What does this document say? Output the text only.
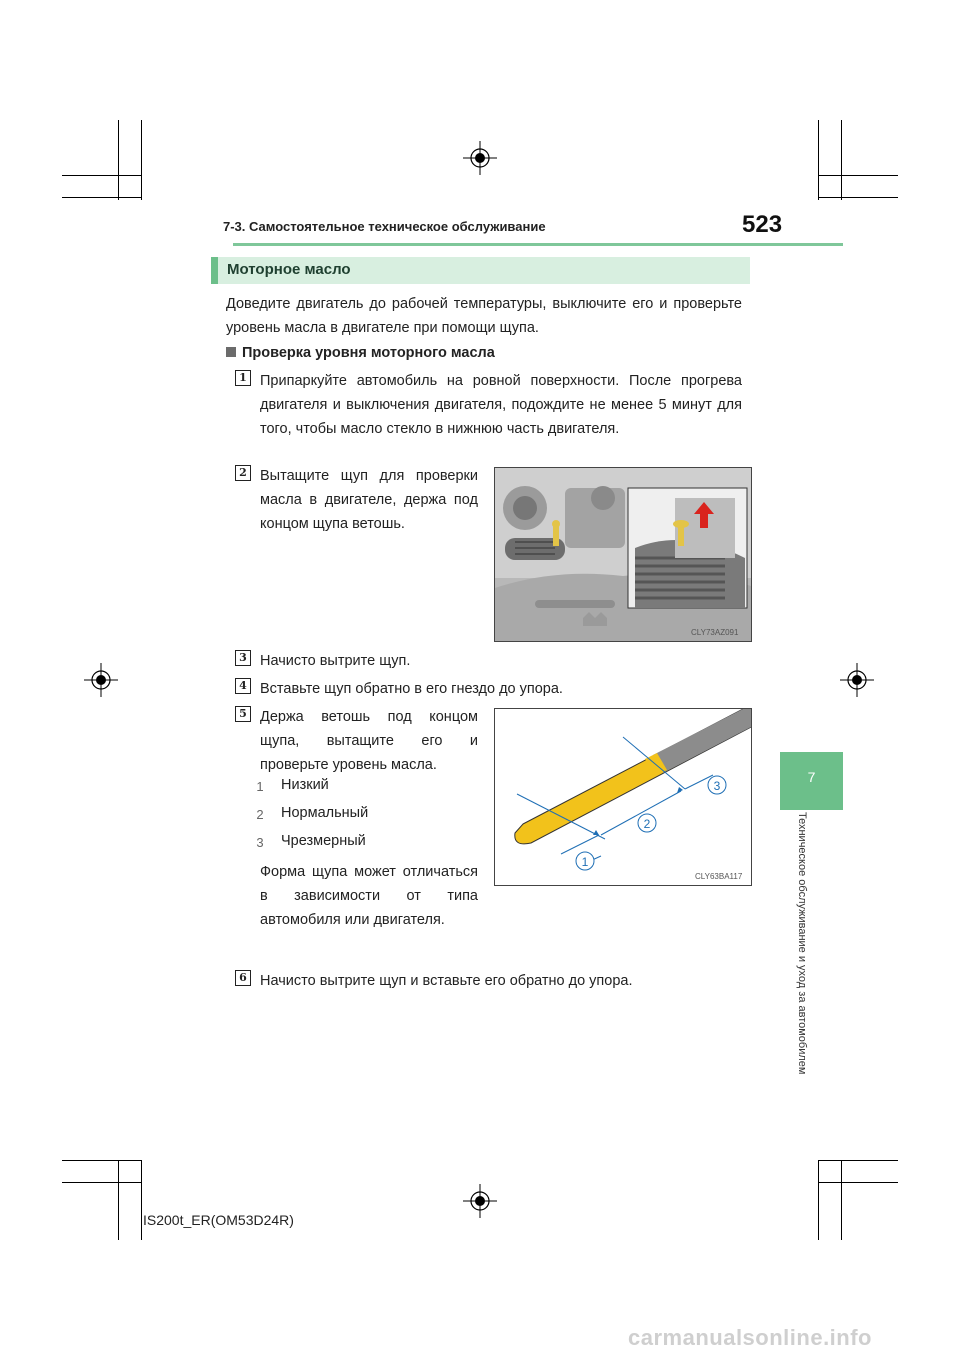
7-3. Самостоятельное техническое обслуживание	523
7
Техническое обслуживание и уход за автомобилем
Моторное масло
Доведите двигатель до рабочей температуры, выключите его и проверьте уровень масла в двигателе при помощи щупа.
Проверка уровня моторного масла
1 Припаркуйте автомобиль на ровной поверхности. После прогрева двигателя и выключения двигателя, подождите не менее 5 минут для того, чтобы масло стекло в нижнюю часть двигателя.
2 Вытащите щуп для проверки масла в двигателе, держа под концом щупа ветошь.
CLY73AZ091
3 Начисто вытрите щуп.
4 Вставьте щуп обратно в его гнездо до упора.
5 Держа ветошь под концом щупа, вытащите его и проверьте уровень масла.
1 Низкий
2 Нормальный
3 Чрезмерный
Форма щупа может отличаться в зависимости от типа автомобиля или двигателя.
1
2
3
CLY63BA117
6 Начисто вытрите щуп и вставьте его обратно до упора.
IS200t_ER(OM53D24R)
carmanualsonline.info
